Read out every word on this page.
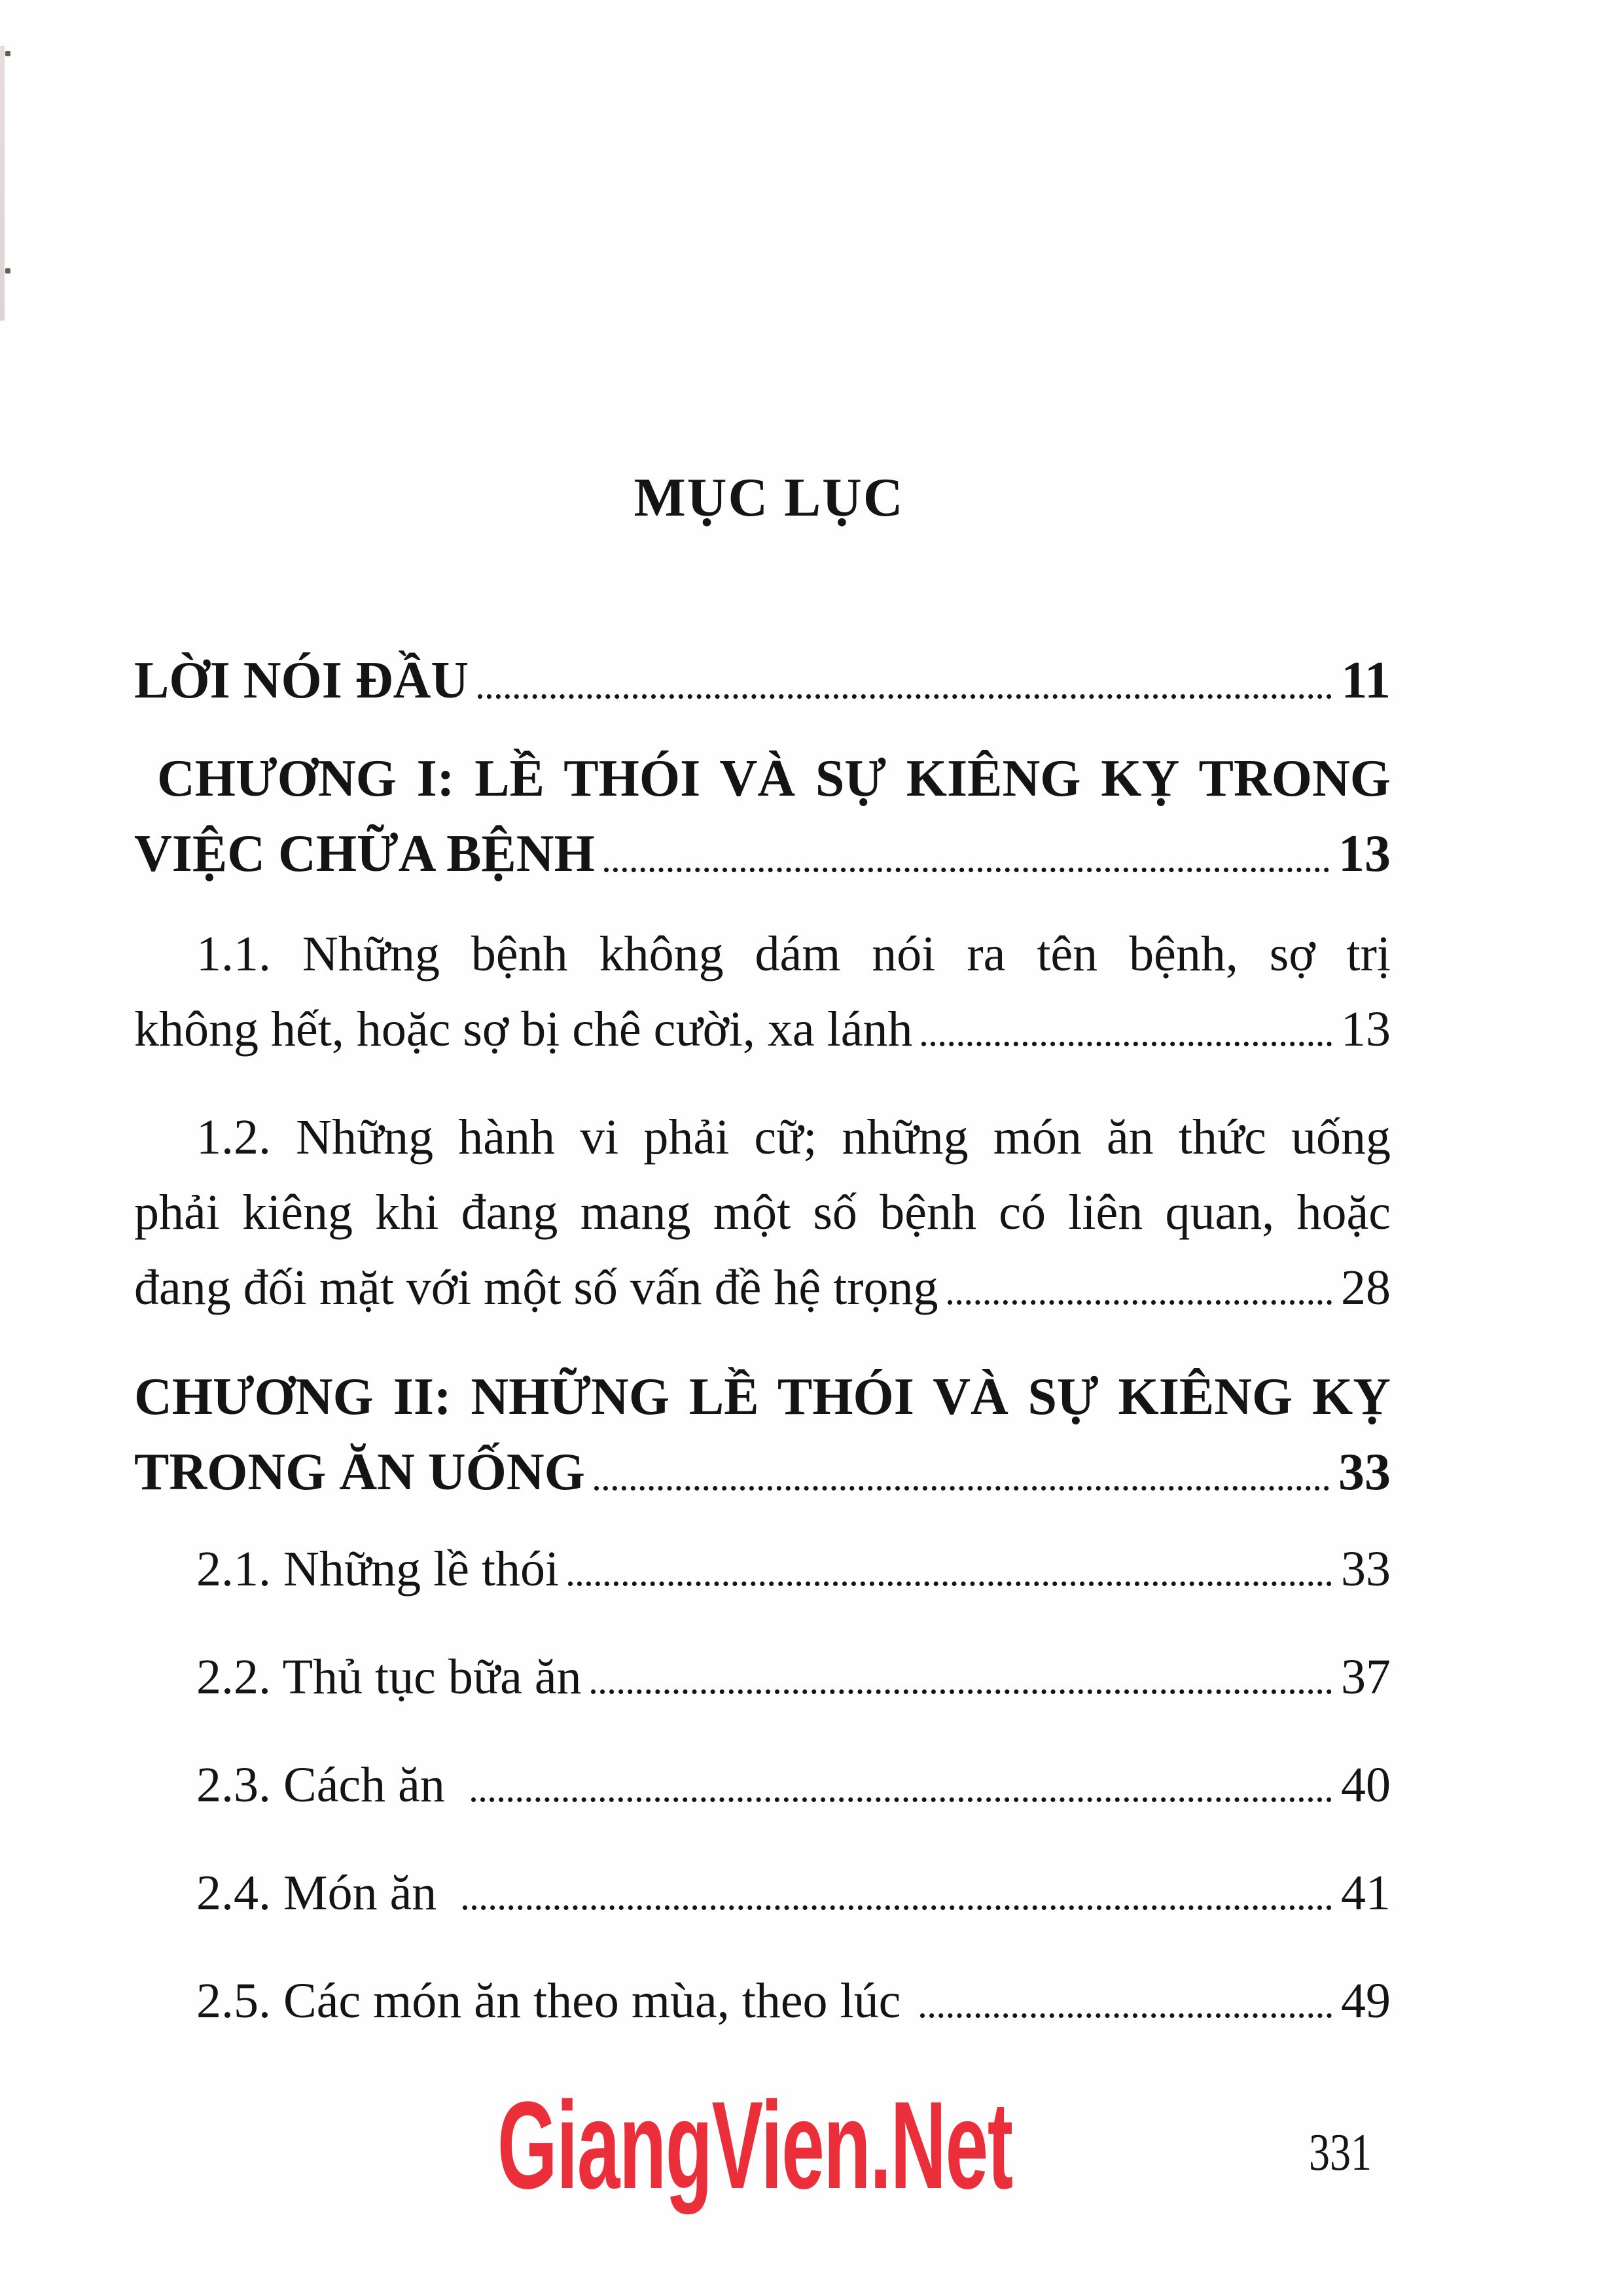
MỤC LỤC
LỜI NÓI ĐẦU	11
CHƯƠNG I: LỀ THÓI VÀ SỰ KIÊNG KỴ TRONG
VIỆC CHỮA BỆNH	13
1.1. Những bệnh không dám nói ra tên bệnh, sợ trị
không hết, hoặc sợ bị chê cười, xa lánh	13
1.2. Những hành vi phải cữ; những món ăn thức uống
phải kiêng khi đang mang một số bệnh có liên quan, hoặc
đang đối mặt với một số vấn đề hệ trọng	28
CHƯƠNG II: NHỮNG LỀ THÓI VÀ SỰ KIÊNG KỴ
TRONG ĂN UỐNG	33
2.1. Những lề thói	33
2.2. Thủ tục bữa ăn	37
2.3. Cách ăn	40
2.4. Món ăn	41
2.5. Các món ăn theo mùa, theo lúc	49
GiangVien.Net	331
